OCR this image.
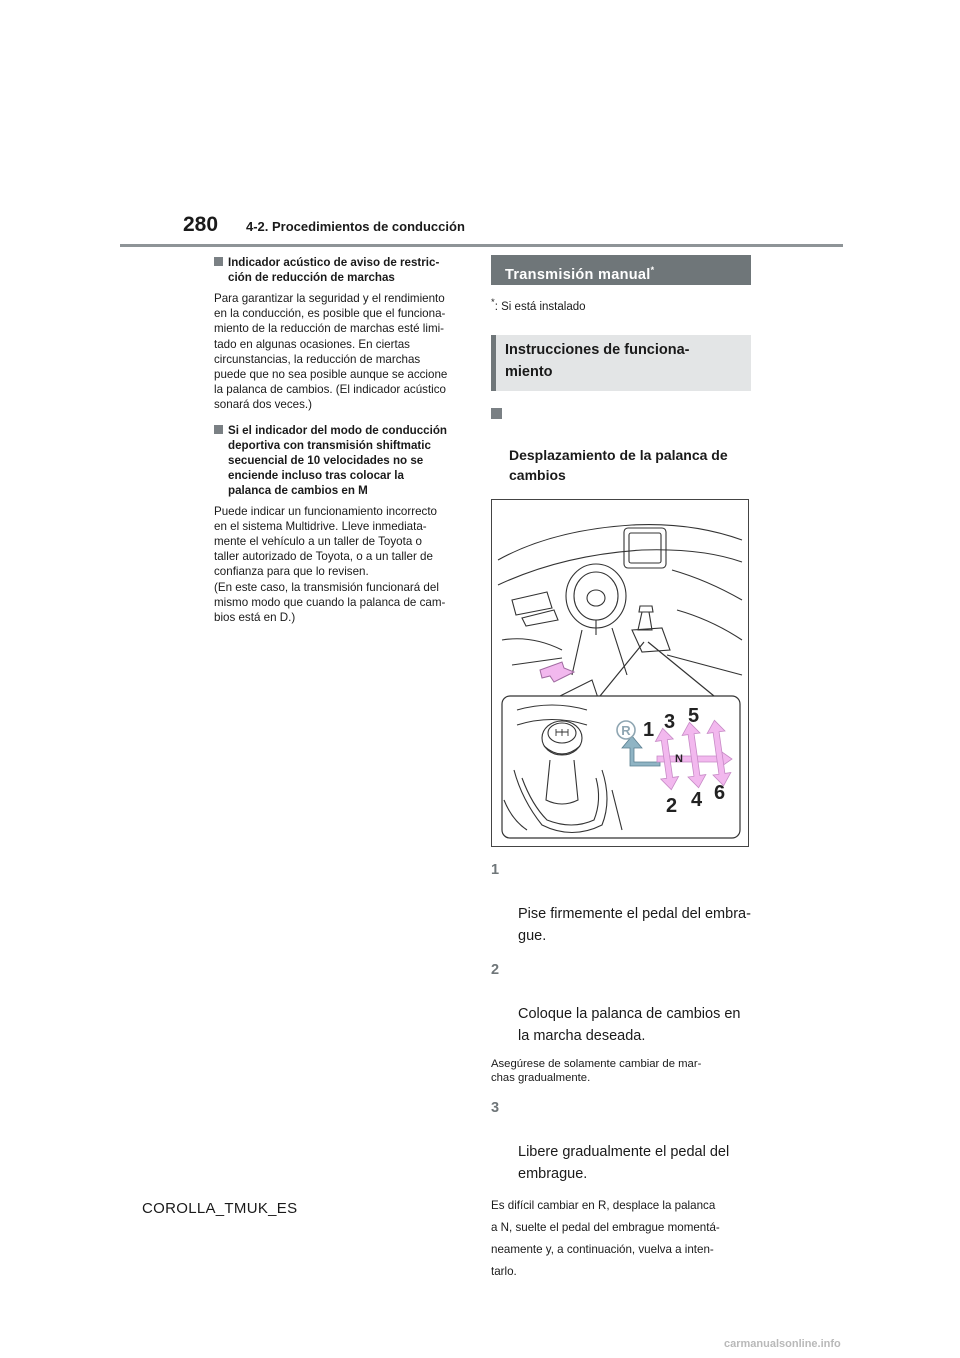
280 4-2. Procedimientos de conducción
Indicador acústico de aviso de restric-
ción de reducción de marchas

Para garantizar la seguridad y el rendimiento
en la conducción, es posible que el funciona-
miento de la reducción de marchas esté limi-
tado en algunas ocasiones. En ciertas
circunstancias, la reducción de marchas
puede que no sea posible aunque se accione
la palanca de cambios. (El indicador acústico
sonará dos veces.)

Si el indicador del modo de conducción
deportiva con transmisión shiftmatic
secuencial de 10 velocidades no se
enciende incluso tras colocar la
palanca de cambios en M

Puede indicar un funcionamiento incorrecto
en el sistema Multidrive. Lleve inmediata-
mente el vehículo a un taller de Toyota o
taller autorizado de Toyota, o a un taller de
confianza para que lo revisen.
(En este caso, la transmisión funcionará del
mismo modo que cuando la palanca de cam-
bios está en D.)

Transmisión manual*

*: Si está instalado

Instrucciones de funciona-
miento

Desplazamiento de la palanca de
cambios

R 1 3 5
N
2 4 6

1

Pise firmemente el pedal del embra-
gue.

2

Coloque la palanca de cambios en
la marcha deseada.

Asegúrese de solamente cambiar de mar-
chas gradualmente.

3

Libere gradualmente el pedal del
embrague.

Es difícil cambiar en R, desplace la palanca
a N, suelte el pedal del embrague momentá-
neamente y, a continuación, vuelva a inten-
tarlo.

COROLLA_TMUK_ES
carmanualsonline.info
